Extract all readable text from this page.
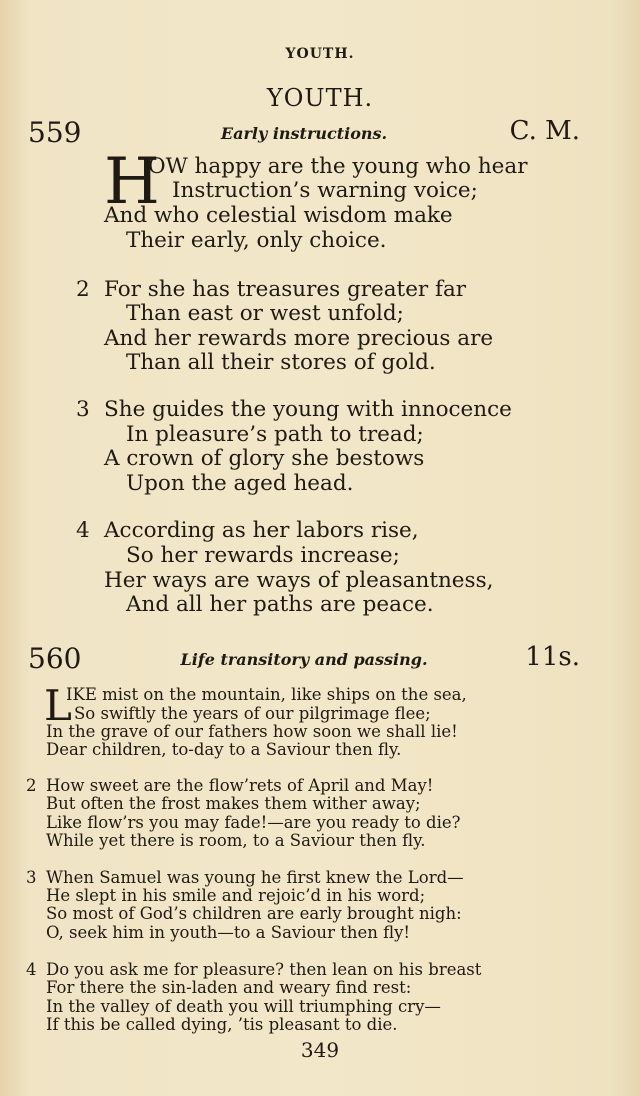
YOUTH.
YOUTH.
559	Early instructions.	C. M.
H
OW happy are the young who hear
Instruction’s warning voice;
And who celestial wisdom make
Their early, only choice.
2 For she has treasures greater far
Than east or west unfold;
And her rewards more precious are
Than all their stores of gold.
3 She guides the young with innocence
In pleasure’s path to tread;
A crown of glory she bestows
Upon the aged head.
4 According as her labors rise,
So her rewards increase;
Her ways are ways of pleasantness,
And all her paths are peace.
560	Life transitory and passing.	11s.
L
IKE mist on the mountain, like ships on the sea,
So swiftly the years of our pilgrimage flee;
In the grave of our fathers how soon we shall lie!
Dear children, to-day to a Saviour then fly.
2 How sweet are the flow’rets of April and May!
But often the frost makes them wither away;
Like flow’rs you may fade!—are you ready to die?
While yet there is room, to a Saviour then fly.
3 When Samuel was young he first knew the Lord—
He slept in his smile and rejoic’d in his word;
So most of God’s children are early brought nigh:
O, seek him in youth—to a Saviour then fly!
4 Do you ask me for pleasure? then lean on his breast
For there the sin-laden and weary find rest:
In the valley of death you will triumphing cry—
If this be called dying, ’tis pleasant to die.
349
